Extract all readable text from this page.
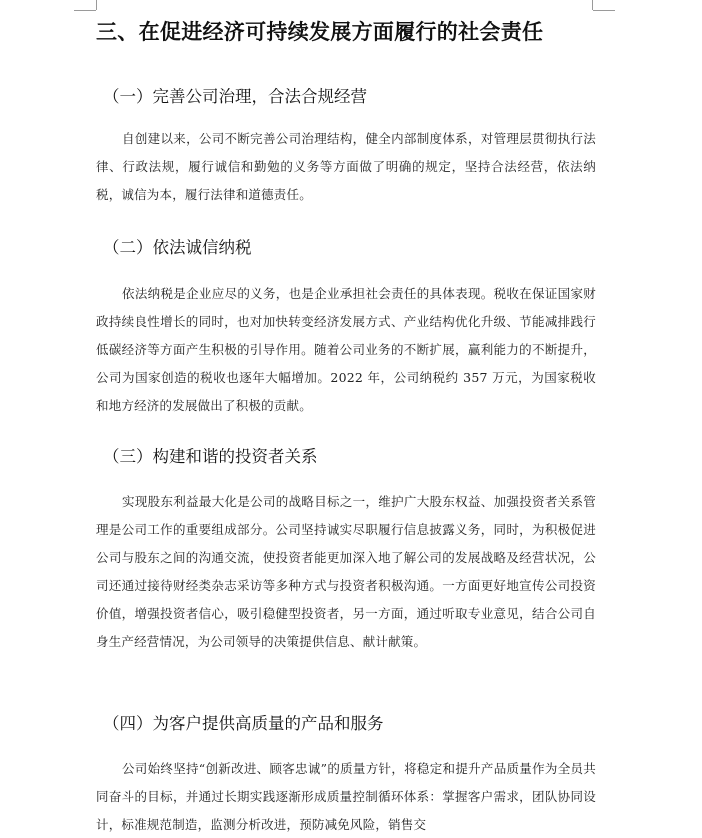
三、在促进经济可持续发展方面履行的社会责任
（一）完善公司治理，合法合规经营

自创建以来，公司不断完善公司治理结构，健全内部制度体系，对管理层贯彻执行法律、行政法规，履行诚信和勤勉的义务等方面做了明确的规定，坚持合法经营，依法纳税，诚信为本，履行法律和道德责任。

（二）依法诚信纳税

依法纳税是企业应尽的义务，也是企业承担社会责任的具体表现。税收在保证国家财政持续良性增长的同时，也对加快转变经济发展方式、产业结构优化升级、节能减排践行低碳经济等方面产生积极的引导作用。随着公司业务的不断扩展，赢利能力的不断提升，公司为国家创造的税收也逐年大幅增加。2022 年，公司纳税约 357 万元，为国家税收和地方经济的发展做出了积极的贡献。

（三）构建和谐的投资者关系

实现股东利益最大化是公司的战略目标之一，维护广大股东权益、加强投资者关系管理是公司工作的重要组成部分。公司坚持诚实尽职履行信息披露义务，同时，为积极促进公司与股东之间的沟通交流，使投资者能更加深入地了解公司的发展战略及经营状况，公司还通过接待财经类杂志采访等多种方式与投资者积极沟通。一方面更好地宣传公司投资价值，增强投资者信心，吸引稳健型投资者，另一方面，通过听取专业意见，结合公司自身生产经营情况，为公司领导的决策提供信息、献计献策。

（四）为客户提供高质量的产品和服务

公司始终坚持“创新改进、顾客忠诚”的质量方针，将稳定和提升产品质量作为全员共同奋斗的目标，并通过长期实践逐渐形成质量控制循环体系：掌握客户需求，团队协同设计，标准规范制造，监测分析改进，预防减免风险，销售交
